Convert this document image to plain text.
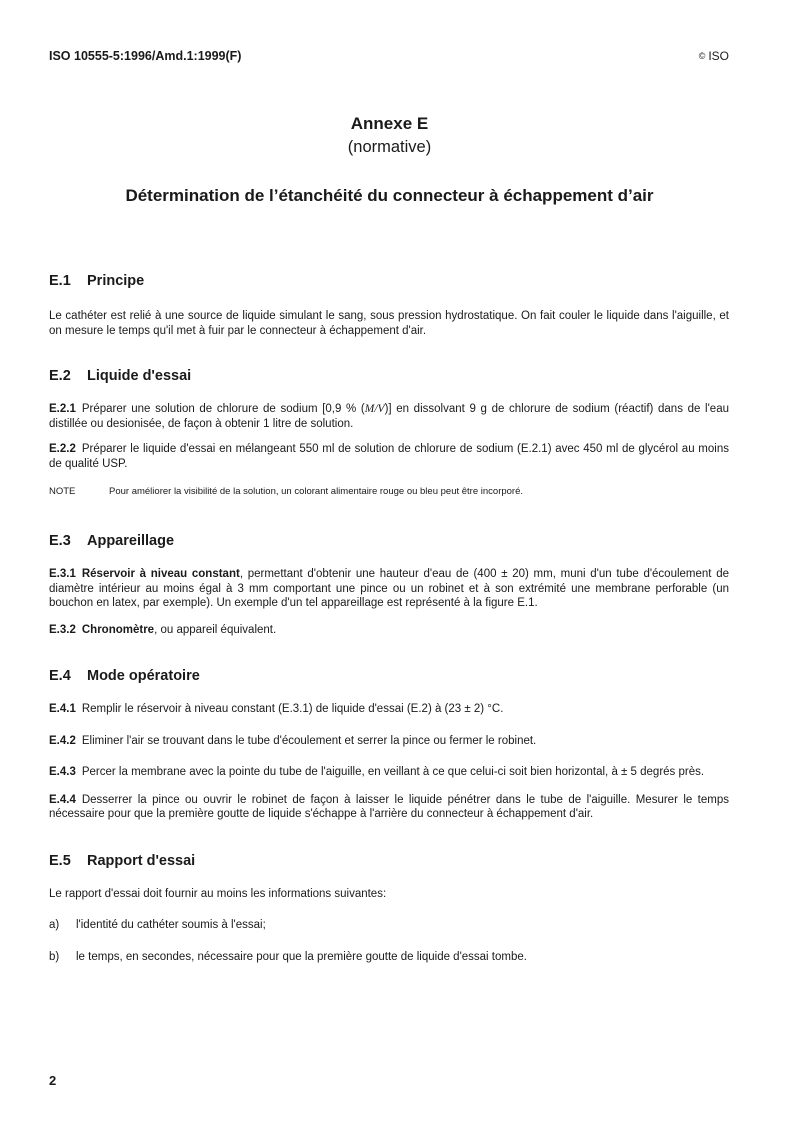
ISO 10555-5:1996/Amd.1:1999(F)	© ISO
Annexe E
(normative)
Détermination de l’étanchéité du connecteur à échappement d’air
E.1 Principe

Le cathéter est relié à une source de liquide simulant le sang, sous pression hydrostatique. On fait couler le liquide dans l'aiguille, et on mesure le temps qu'il met à fuir par le connecteur à échappement d'air.

E.2 Liquide d'essai

E.2.1 Préparer une solution de chlorure de sodium [0,9 % (M/V)] en dissolvant 9 g de chlorure de sodium (réactif) dans de l'eau distillée ou desionisée, de façon à obtenir 1 litre de solution.

E.2.2 Préparer le liquide d'essai en mélangeant 550 ml de solution de chlorure de sodium (E.2.1) avec 450 ml de glycérol au moins de qualité USP.

NOTE	Pour améliorer la visibilité de la solution, un colorant alimentaire rouge ou bleu peut être incorporé.

E.3 Appareillage

E.3.1 Réservoir à niveau constant, permettant d'obtenir une hauteur d'eau de (400 ± 20) mm, muni d'un tube d'écoulement de diamètre intérieur au moins égal à 3 mm comportant une pince ou un robinet et à son extrémité une membrane perforable (un bouchon en latex, par exemple). Un exemple d'un tel appareillage est représenté à la figure E.1.

E.3.2 Chronomètre, ou appareil équivalent.

E.4 Mode opératoire

E.4.1 Remplir le réservoir à niveau constant (E.3.1) de liquide d'essai (E.2) à (23 ± 2) °C.

E.4.2 Eliminer l'air se trouvant dans le tube d'écoulement et serrer la pince ou fermer le robinet.

E.4.3 Percer la membrane avec la pointe du tube de l'aiguille, en veillant à ce que celui-ci soit bien horizontal, à ± 5 degrés près.

E.4.4 Desserrer la pince ou ouvrir le robinet de façon à laisser le liquide pénétrer dans le tube de l'aiguille. Mesurer le temps nécessaire pour que la première goutte de liquide s'échappe à l'arrière du connecteur à échappement d'air.

E.5 Rapport d'essai

Le rapport d'essai doit fournir au moins les informations suivantes:

a) l'identité du cathéter soumis à l'essai;

b) le temps, en secondes, nécessaire pour que la première goutte de liquide d'essai tombe.

2
